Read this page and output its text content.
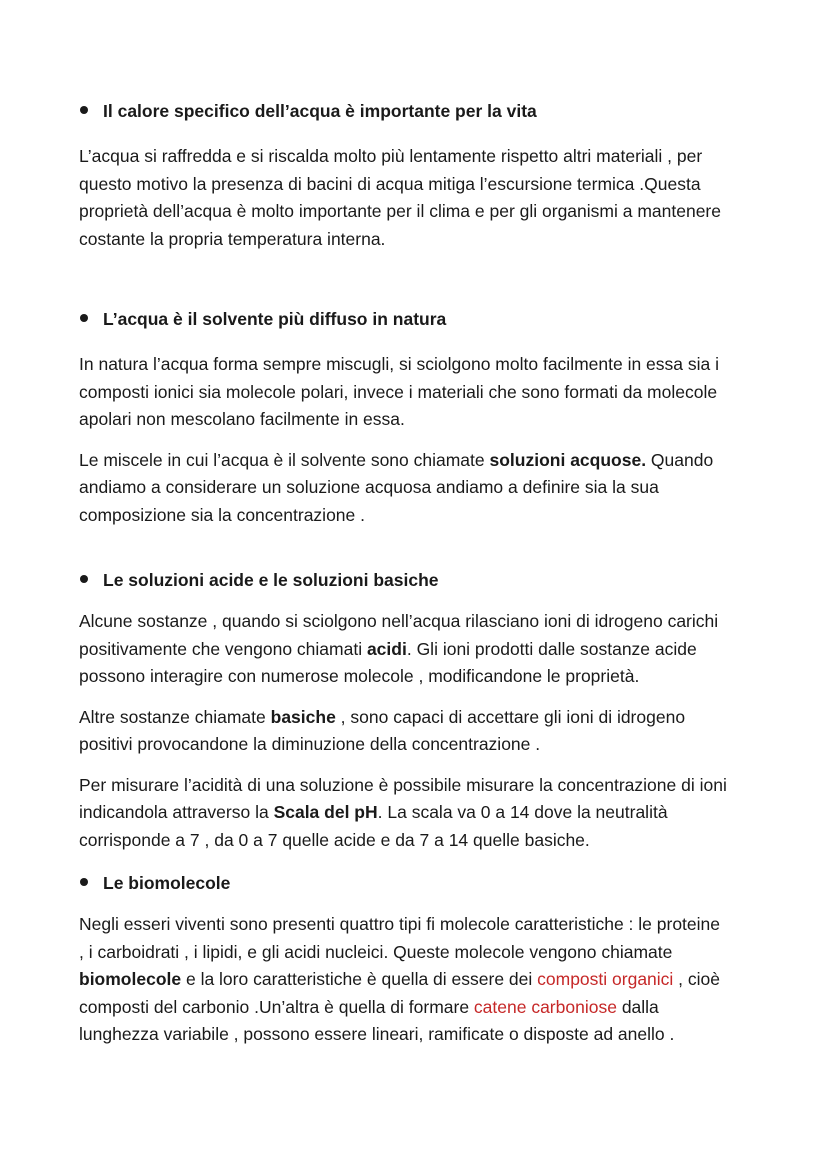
Il calore specifico dell’acqua è importante per la vita

L’acqua si raffredda e si riscalda molto più lentamente rispetto altri materiali , per
questo motivo la presenza di bacini di acqua mitiga l’escursione termica .Questa
proprietà dell’acqua è molto importante per il clima e per gli organismi a mantenere
costante la propria temperatura interna.

L’acqua è il solvente più diffuso in natura

In natura l’acqua forma sempre miscugli, si sciolgono molto facilmente in essa sia i
composti ionici sia molecole polari, invece i materiali che sono formati da molecole
apolari non mescolano facilmente in essa.

Le miscele in cui l’acqua è il solvente sono chiamate soluzioni acquose. Quando
andiamo a considerare un soluzione acquosa andiamo a definire sia la sua
composizione sia la concentrazione .

Le soluzioni acide e le soluzioni basiche

Alcune sostanze , quando si sciolgono nell’acqua rilasciano ioni di idrogeno carichi
positivamente che vengono chiamati acidi. Gli ioni prodotti dalle sostanze acide
possono interagire con numerose molecole , modificandone le proprietà.

Altre sostanze chiamate basiche , sono capaci di accettare gli ioni di idrogeno
positivi provocandone la diminuzione della concentrazione .

Per misurare l’acidità di una soluzione è possibile misurare la concentrazione di ioni
indicandola attraverso la Scala del pH. La scala va 0 a 14 dove la neutralità
corrisponde a 7 , da 0 a 7 quelle acide e da 7 a 14 quelle basiche.

Le biomolecole

Negli esseri viventi sono presenti quattro tipi fi molecole caratteristiche : le proteine
, i carboidrati , i lipidi, e gli acidi nucleici. Queste molecole vengono chiamate
biomolecole e la loro caratteristiche è quella di essere dei composti organici , cioè
composti del carbonio .Un’altra è quella di formare catene carboniose dalla
lunghezza variabile , possono essere lineari, ramificate o disposte ad anello .
